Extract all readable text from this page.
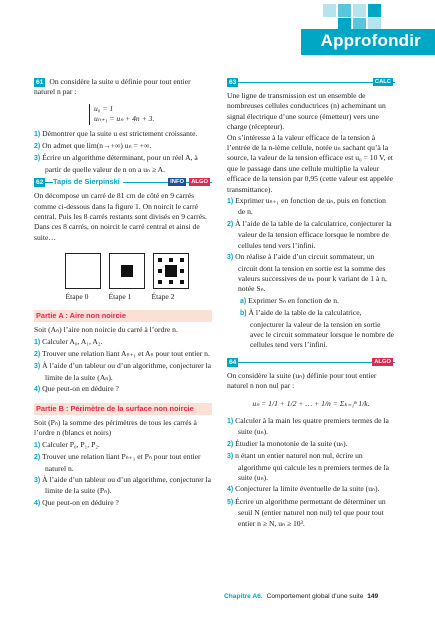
Approfondir

61 On considère la suite u définie pour tout entier naturel n par :

u₀ = 1

uₙ₊₁ = uₙ + 4n + 3.

1) Démontrer que la suite u est strictement croissante.

2) On admet que lim(n→+∞) uₙ = +∞.

3) Écrire un algorithme déterminant, pour un réel A, à partir de quelle valeur de n on a uₙ ≥ A.

62 Tapis de Sierpinski	INFO	ALGO

On décompose un carré de 81 cm de côté en 9 carrés comme ci-dessous dans la figure 1. On noircit le carré central. Puis les 8 carrés restants sont divisés en 9 carrés. Dans ces 8 carrés, on noircit le carré central et ainsi de suite…

Étape 0	Étape 1	Étape 2
Partie A : Aire non noircie

Soit (Aₙ) l’aire non noircie du carré à l’ordre n.

1) Calculer A₀, A₁, A₂.

2) Trouver une relation liant Aₙ₊₁ et Aₙ pour tout entier n.

3) À l’aide d’un tableur ou d’un algorithme, conjecturer la limite de la suite (Aₙ).

4) Que peut-on en déduire ?

Partie B : Périmètre de la surface non noircie

Soit (Pₙ) la somme des périmètres de tous les carrés à l’ordre n (blancs et noirs)

1) Calculer P₀, P₁, P₂.

2) Trouver une relation liant Pₙ₊₁ et Pₙ pour tout entier naturel n.

3) À l’aide d’un tableur ou d’un algorithme, conjecturer la limite de la suite (Pₙ).

4) Que peut-on en déduire ?

63	CALC

Une ligne de transmission est un ensemble de nombreuses cellules conductrices (n) acheminant un signal électrique d’une source (émetteur) vers une charge (récepteur).

On s’intéresse à la valeur efficace de la tension à l’entrée de la n-ième cellule, notée uₙ sachant qu’à la source, la valeur de la tension efficace est u₀ = 10 V, et que le passage dans une cellule multiplie la valeur efficace de la tension par 0,95 (cette valeur est appelée transmittance).

1) Exprimer uₙ₊₁ en fonction de uₙ, puis en fonction de n.

2) À l’aide de la table de la calculatrice, conjecturer la valeur de la tension efficace lorsque le nombre de cellules tend vers l’infini.

3) On réalise à l’aide d’un circuit sommateur, un circuit dont la tension en sortie est la somme des valeurs successives de uₖ pour k variant de 1 à n, notée Sₙ.

a) Exprimer Sₙ en fonction de n.

b) À l’aide de la table de la calculatrice, conjecturer la valeur de la tension en sortie avec le circuit sommateur lorsque le nombre de cellules tend vers l’infini.

64	ALGO

On considère la suite (uₙ) définie pour tout entier naturel n non nul par :

uₙ = 1/1 + 1/2 + … + 1/n = Σₖ₌₁ⁿ 1/k.

1) Calculer à la main les quatre premiers termes de la suite (uₙ).

2) Étudier la monotonie de la suite (uₙ).

3) n étant un entier naturel non nul, écrire un algorithme qui calcule les n premiers termes de la suite (uₙ).

4) Conjecturer la limite éventuelle de la suite (uₙ).

5) Écrire un algorithme permettant de déterminer un seuil N (entier naturel non nul) tel que pour tout entier n ≥ N, uₙ ≥ 10³.

Chapitre A6. Comportement global d’une suite 149
